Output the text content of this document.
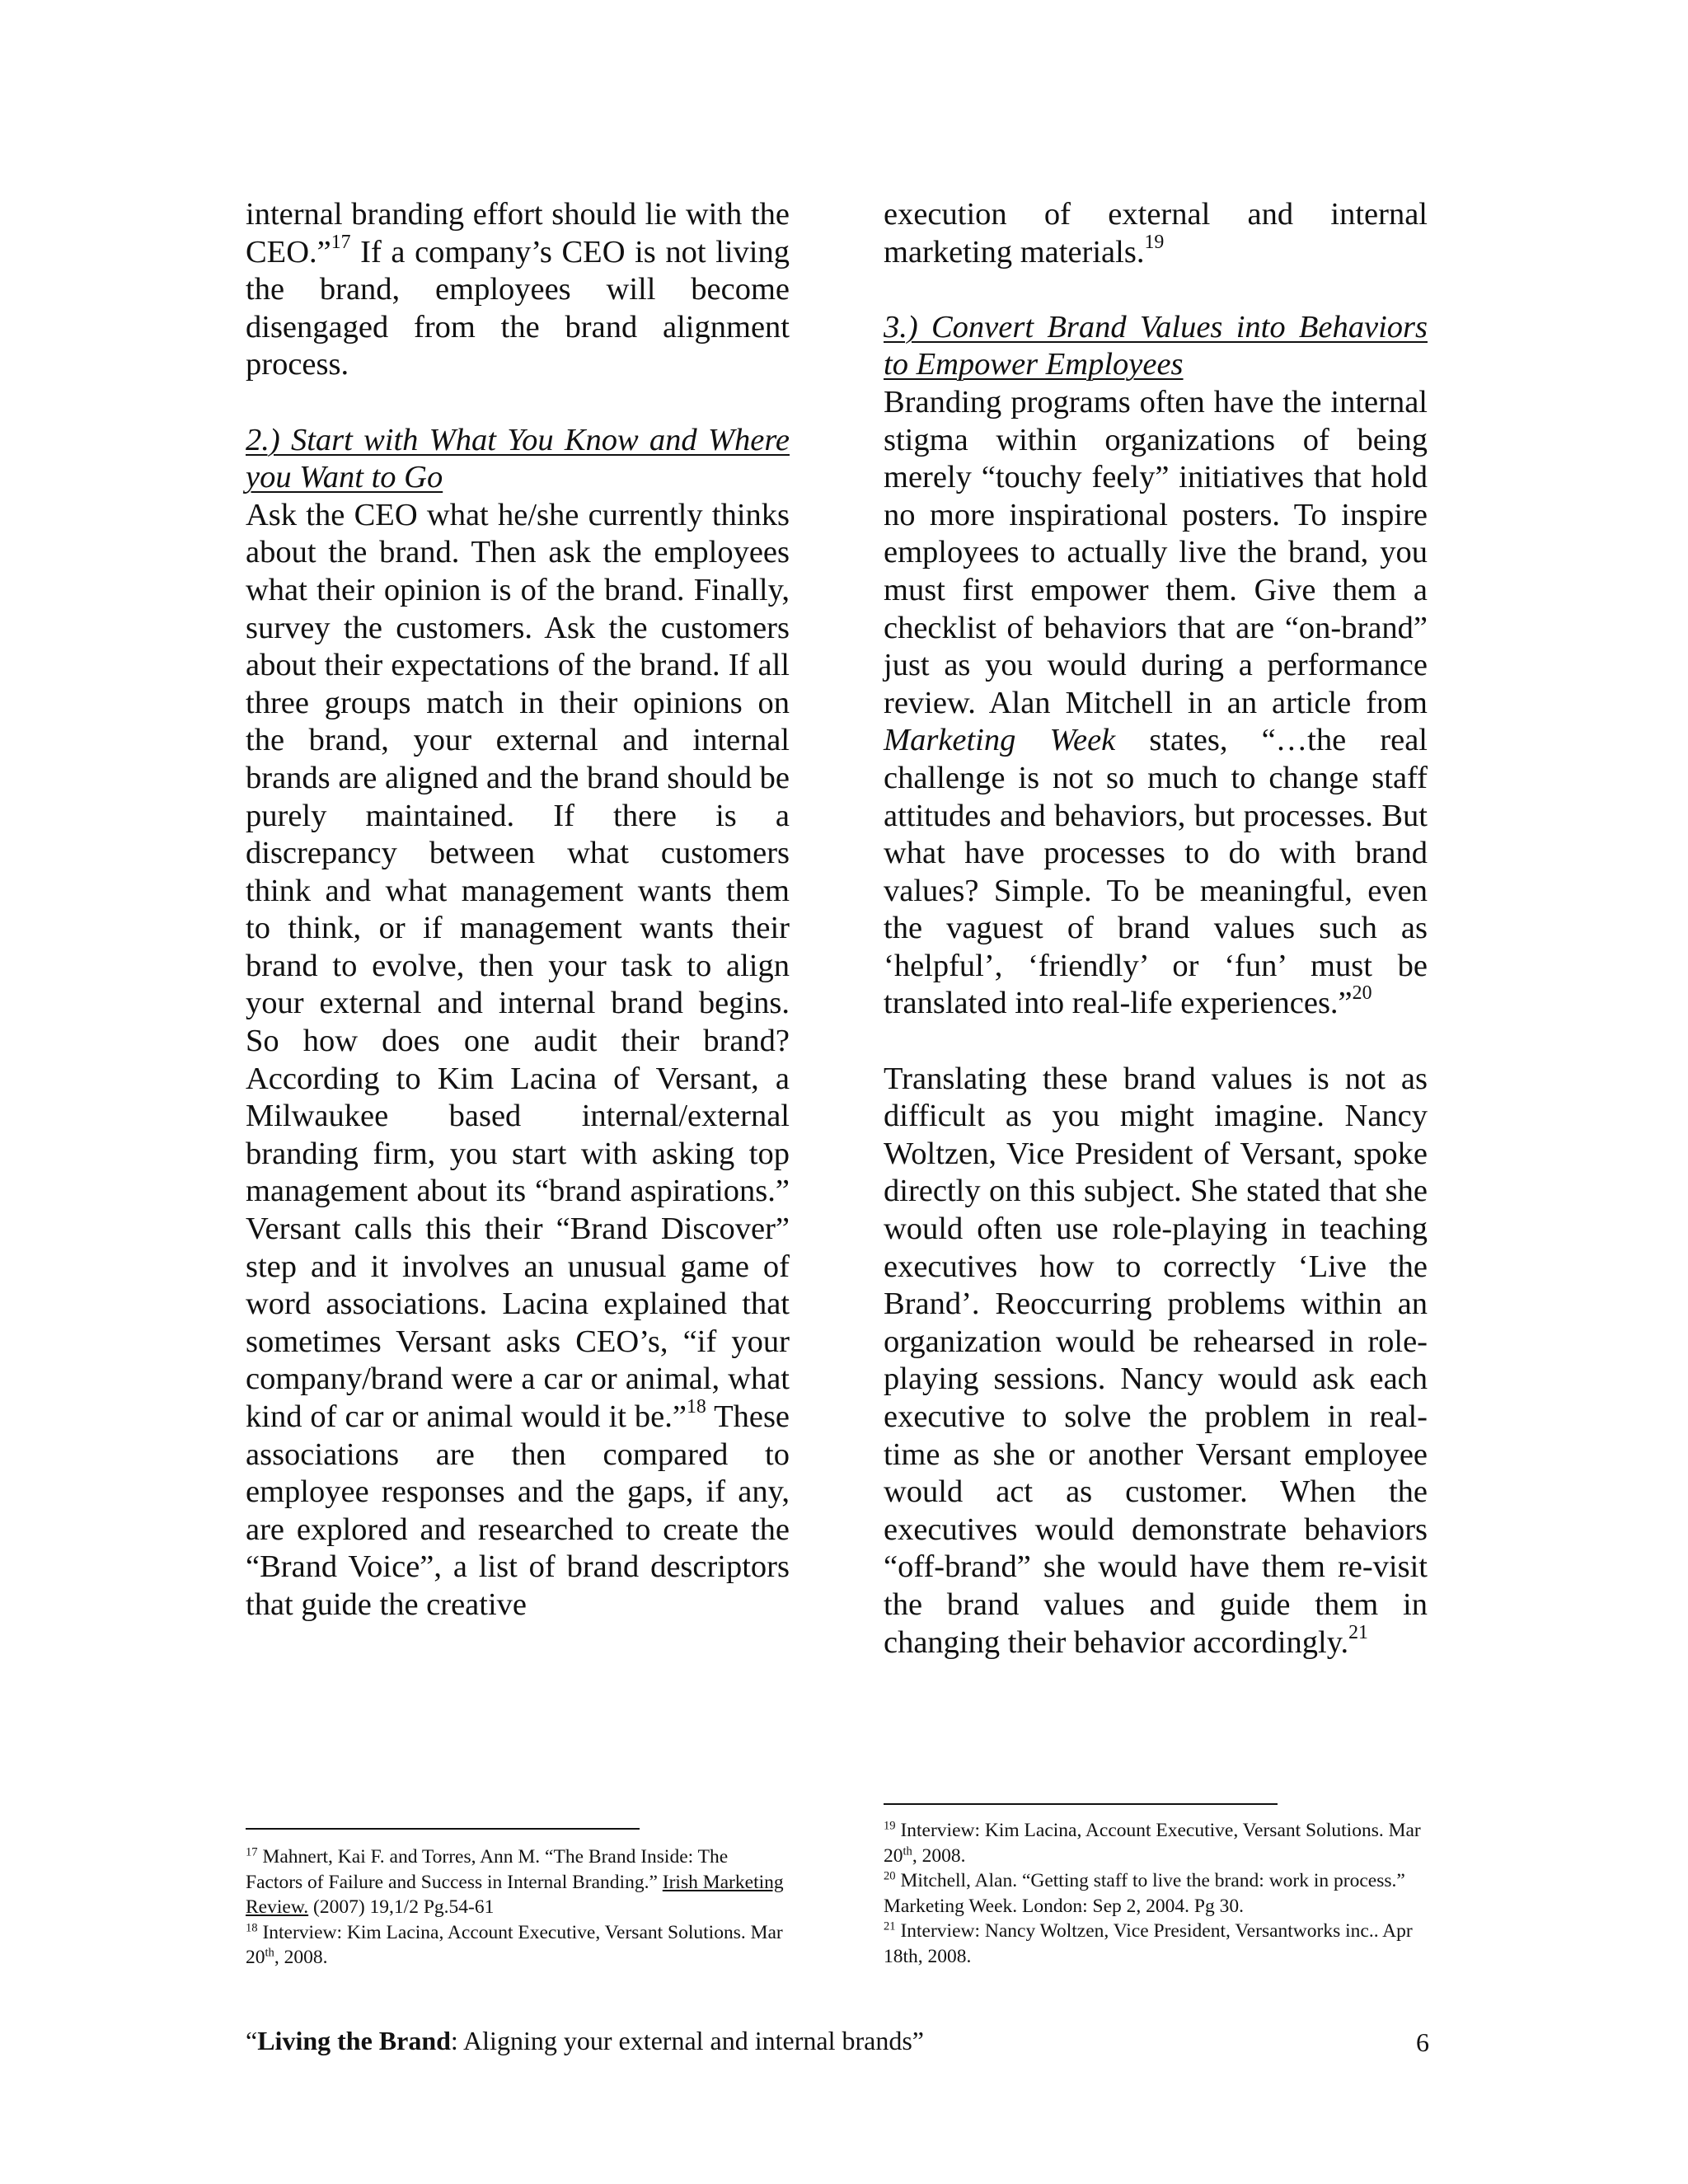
internal branding effort should lie with the CEO.”$^{17}$ If a company’s CEO is not living the brand, employees will become disengaged from the brand alignment process.

2.) Start with What You Know and Where you Want to Go

Ask the CEO what he/she currently thinks about the brand. Then ask the employees what their opinion is of the brand. Finally, survey the customers. Ask the customers about their expectations of the brand. If all three groups match in their opinions on the brand, your external and internal brands are aligned and the brand should be purely maintained. If there is a discrepancy between what customers think and what management wants them to think, or if management wants their brand to evolve, then your task to align your external and internal brand begins. So how does one audit their brand? According to Kim Lacina of Versant, a Milwaukee based internal/external branding firm, you start with asking top management about its “brand aspirations.” Versant calls this their “Brand Discover” step and it involves an unusual game of word associations. Lacina explained that sometimes Versant asks CEO’s, “if your company/brand were a car or animal, what kind of car or animal would it be.”$^{18}$ These associations are then compared to employee responses and the gaps, if any, are explored and researched to create the “Brand Voice”, a list of brand descriptors that guide the creative

execution of external and internal marketing materials.$^{19}$

3.) Convert Brand Values into Behaviors to Empower Employees

Branding programs often have the internal stigma within organizations of being merely “touchy feely” initiatives that hold no more inspirational posters. To inspire employees to actually live the brand, you must first empower them. Give them a checklist of behaviors that are “on-brand” just as you would during a performance review. Alan Mitchell in an article from Marketing Week states, “…the real challenge is not so much to change staff attitudes and behaviors, but processes. But what have processes to do with brand values? Simple. To be meaningful, even the vaguest of brand values such as ‘helpful’, ‘friendly’ or ‘fun’ must be translated into real-life experiences.”$^{20}$

Translating these brand values is not as difficult as you might imagine. Nancy Woltzen, Vice President of Versant, spoke directly on this subject. She stated that she would often use role-playing in teaching executives how to correctly ‘Live the Brand’. Reoccurring problems within an organization would be rehearsed in role-playing sessions. Nancy would ask each executive to solve the problem in real-time as she or another Versant employee would act as customer. When the executives would demonstrate behaviors “off-brand” she would have them re-visit the brand values and guide them in changing their behavior accordingly.$^{21}$

$^{17}$ Mahnert, Kai F. and Torres, Ann M. “The Brand Inside: The Factors of Failure and Success in Internal Branding.” Irish Marketing Review. (2007) 19,1/2 Pg.54-61

$^{18}$ Interview: Kim Lacina, Account Executive, Versant Solutions. Mar 20th, 2008.

$^{19}$ Interview: Kim Lacina, Account Executive, Versant Solutions. Mar 20th, 2008.

$^{20}$ Mitchell, Alan. “Getting staff to live the brand: work in process.” Marketing Week. London: Sep 2, 2004. Pg 30.

$^{21}$ Interview: Nancy Woltzen, Vice President, Versantworks inc.. Apr 18th, 2008.

“Living the Brand: Aligning your external and internal brands”	6
